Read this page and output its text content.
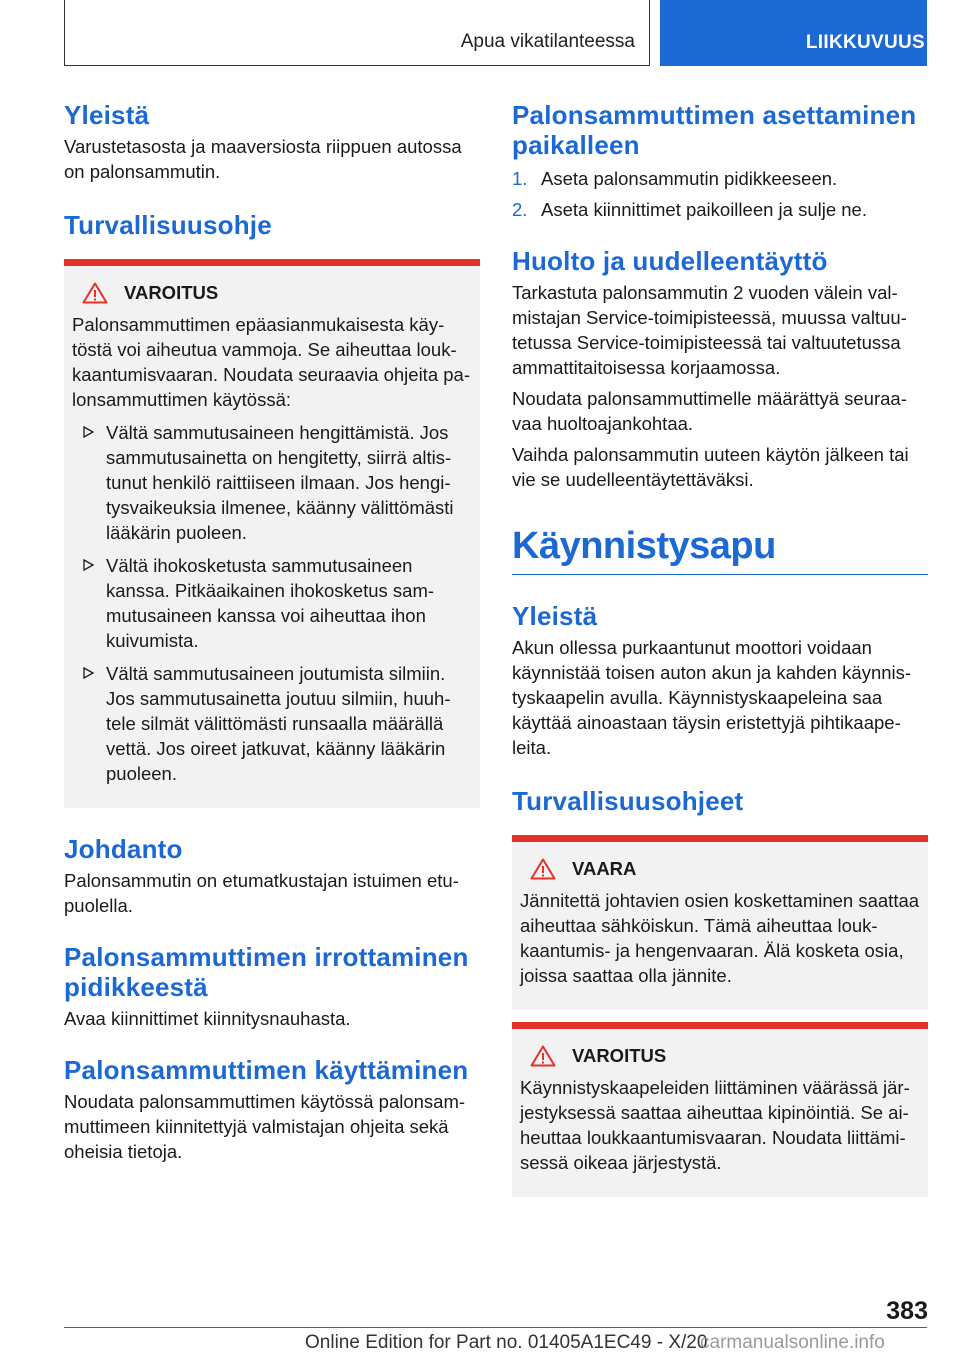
Apua vikatilanteessa	LIIKKUVUUS
Yleistä

Varustetasosta ja maaversiosta riippuen autossa on palonsammutin.

Turvallisuusohje
VAROITUS

Palonsammuttimen epäasianmukaisesta käytöstä voi aiheutua vammoja. Se aiheuttaa loukkaantumisvaaran. Noudata seuraavia ohjeita palonsammuttimen käytössä:

Vältä sammutusaineen hengittämistä. Jos sammutusainetta on hengitetty, siirrä altistunut henkilö raittiiseen ilmaan. Jos hengitysvaikeuksia ilmenee, käänny välittömästi lääkärin puoleen.
Vältä ihokosketusta sammutusaineen kanssa. Pitkäaikainen ihokosketus sammutusaineen kanssa voi aiheuttaa ihon kuivumista.
Vältä sammutusaineen joutumista silmiin. Jos sammutusainetta joutuu silmiin, huuhtele silmät välittömästi runsaalla määrällä vettä. Jos oireet jatkuvat, käänny lääkärin puoleen.
Johdanto

Palonsammutin on etumatkustajan istuimen etupuolella.

Palonsammuttimen irrottaminen pidikkeestä

Avaa kiinnittimet kiinnitysnauhasta.

Palonsammuttimen käyttäminen

Noudata palonsammuttimen käytössä palonsammuttimeen kiinnitettyjä valmistajan ohjeita sekä oheisia tietoja.

Palonsammuttimen asettaminen paikalleen
1. Aseta palonsammutin pidikkeeseen.
2. Aseta kiinnittimet paikoilleen ja sulje ne.
Huolto ja uudelleentäyttö

Tarkastuta palonsammutin 2 vuoden välein valmistajan Service-toimipisteessä, muussa valtuutetussa Service-toimipisteessä tai valtuutetussa ammattitaitoisessa korjaamossa.

Noudata palonsammuttimelle määrättyä seuraavaa huoltoajankohtaa.

Vaihda palonsammutin uuteen käytön jälkeen tai vie se uudelleentäytettäväksi.

Käynnistysapu
Yleistä

Akun ollessa purkaantunut moottori voidaan käynnistää toisen auton akun ja kahden käynnistyskaapelin avulla. Käynnistyskaapeleina saa käyttää ainoastaan täysin eristettyjä pihtikaapeleita.

Turvallisuusohjeet
VAARA

Jännitettä johtavien osien koskettaminen saattaa aiheuttaa sähköiskun. Tämä aiheuttaa loukkaantumis- ja hengenvaaran. Älä kosketa osia, joissa saattaa olla jännite.

VAROITUS

Käynnistyskaapeleiden liittäminen väärässä järjestyksessä saattaa aiheuttaa kipinöintiä. Se aiheuttaa loukkaantumisvaaran. Noudata liittämisessä oikeaa järjestystä.

383
Online Edition for Part no. 01405A1EC49 - X/20
carmanualsonline.info
